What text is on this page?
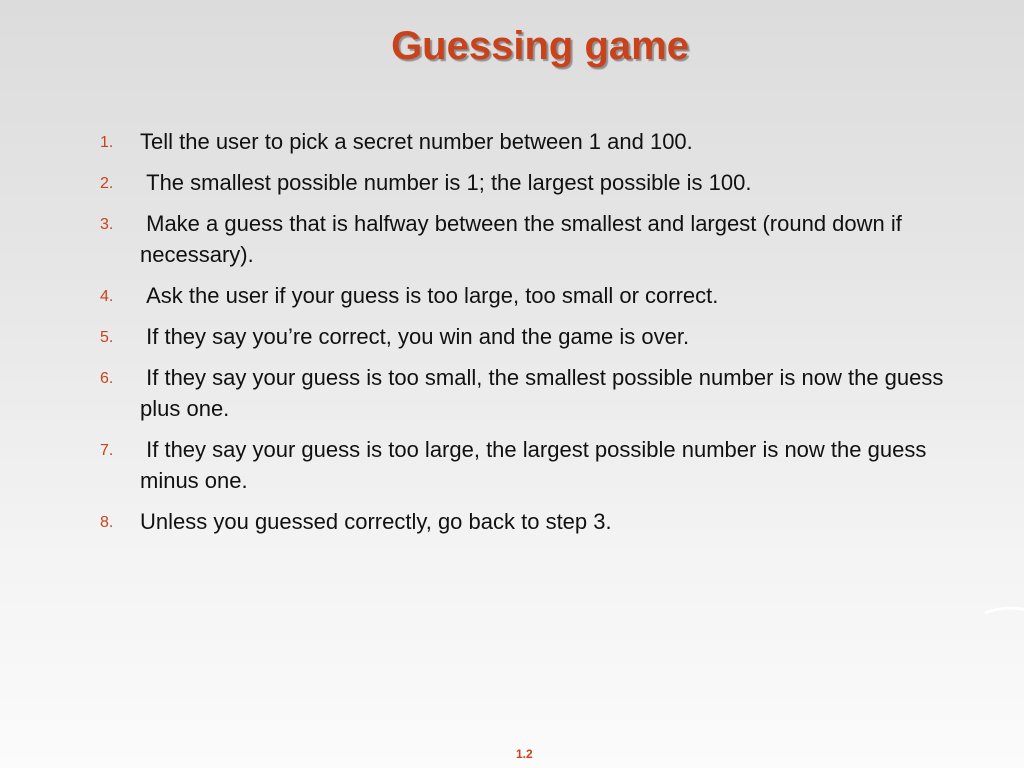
Guessing game
1. Tell the user to pick a secret number between 1 and 100.
2. The smallest possible number is 1; the largest possible is 100.
3. Make a guess that is halfway between the smallest and largest (round down if necessary).
4. Ask the user if your guess is too large, too small or correct.
5. If they say you’re correct, you win and the game is over.
6. If they say your guess is too small, the smallest possible number is now the guess plus one.
7. If they say your guess is too large, the largest possible number is now the guess minus one.
8. Unless you guessed correctly, go back to step 3.
1.2
